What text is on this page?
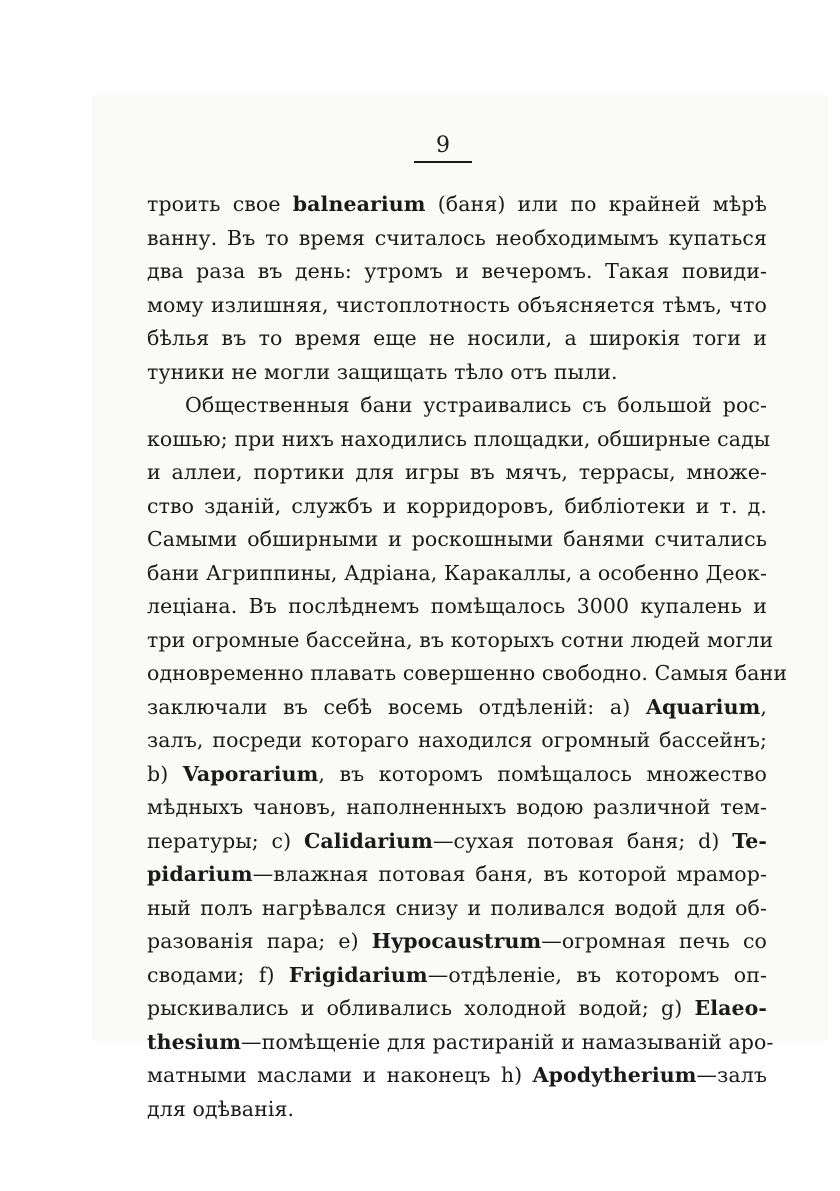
9
троить свое balnearium (баня) или по крайней мѣрѣ
ванну. Въ то время считалось необходимымъ купаться
два раза въ день: утромъ и вечеромъ. Такая повиди-
мому излишняя, чистоплотность объясняется тѣмъ, что
бѣлья въ то время еще не носили, а широкія тоги и
туники не могли защищать тѣло отъ пыли.
Общественныя бани устраивались съ большой рос-
кошью; при нихъ находились площадки, обширные сады
и аллеи, портики для игры въ мячъ, террасы, множе-
ство зданій, службъ и корридоровъ, библіотеки и т. д.
Самыми обширными и роскошными банями считались
бани Агриппины, Адріана, Каракаллы, а особенно Деок-
леціана. Въ послѣднемъ помѣщалось 3000 купалень и
три огромные бассейна, въ которыхъ сотни людей могли
одновременно плавать совершенно свободно. Самыя бани
заключали въ себѣ восемь отдѣленій: a) Aquarium,
залъ, посреди котораго находился огромный бассейнъ;
b) Vaporarium, въ которомъ помѣщалось множество
мѣдныхъ чановъ, наполненныхъ водою различной тем-
пературы; c) Calidarium—сухая потовая баня; d) Te-
pidarium—влажная потовая баня, въ которой мрамор-
ный полъ нагрѣвался снизу и поливался водой для об-
разованія пара; e) Hypocaustrum—огромная печь со
сводами; f) Frigidarium—отдѣленіе, въ которомъ оп-
рыскивались и обливались холодной водой; g) Elaeo-
thesium—помѣщеніе для растираній и намазываній аро-
матными маслами и наконецъ h) Apodytherium—залъ
для одѣванія.
